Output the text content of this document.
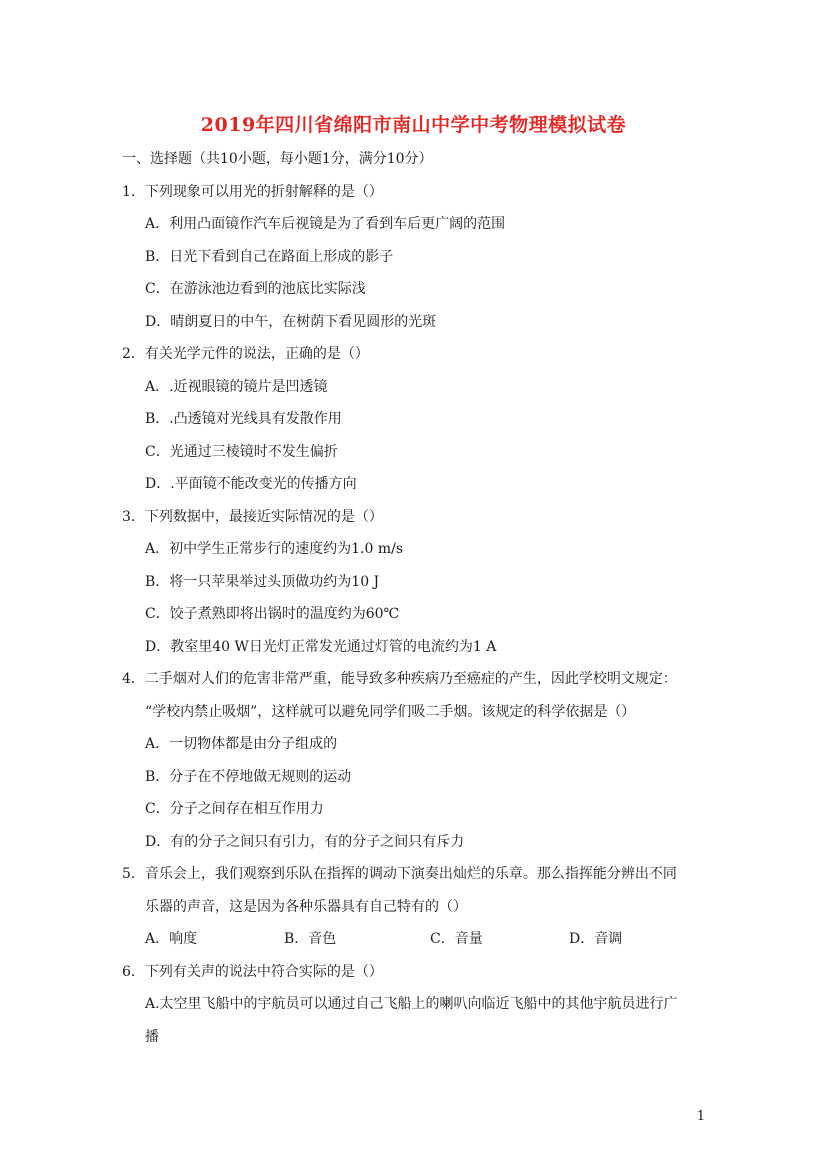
2019年四川省绵阳市南山中学中考物理模拟试卷
一、选择题（共10小题，每小题1分，满分10分）
1．下列现象可以用光的折射解释的是（）
A．利用凸面镜作汽车后视镜是为了看到车后更广阔的范围
B．日光下看到自己在路面上形成的影子
C．在游泳池边看到的池底比实际浅
D．晴朗夏日的中午，在树荫下看见圆形的光斑
2．有关光学元件的说法，正确的是（）
A．.近视眼镜的镜片是凹透镜
B．.凸透镜对光线具有发散作用
C．光通过三棱镜时不发生偏折
D．.平面镜不能改变光的传播方向
3．下列数据中，最接近实际情况的是（）
A．初中学生正常步行的速度约为1.0 m/s
B．将一只苹果举过头顶做功约为10 J
C．饺子煮熟即将出锅时的温度约为60℃
D．教室里40 W日光灯正常发光通过灯管的电流约为1 A
4．二手烟对人们的危害非常严重，能导致多种疾病乃至癌症的产生，因此学校明文规定：
“学校内禁止吸烟”，这样就可以避免同学们吸二手烟。该规定的科学依据是（）
A．一切物体都是由分子组成的
B．分子在不停地做无规则的运动
C．分子之间存在相互作用力
D．有的分子之间只有引力，有的分子之间只有斥力
5．音乐会上，我们观察到乐队在指挥的调动下演奏出灿烂的乐章。那么指挥能分辨出不同
乐器的声音，这是因为各种乐器具有自己特有的（）
A．响度	B．音色	C．音量	D．音调
6．下列有关声的说法中符合实际的是（）
A.太空里飞船中的宇航员可以通过自己飞船上的喇叭向临近飞船中的其他宇航员进行广
播
1
